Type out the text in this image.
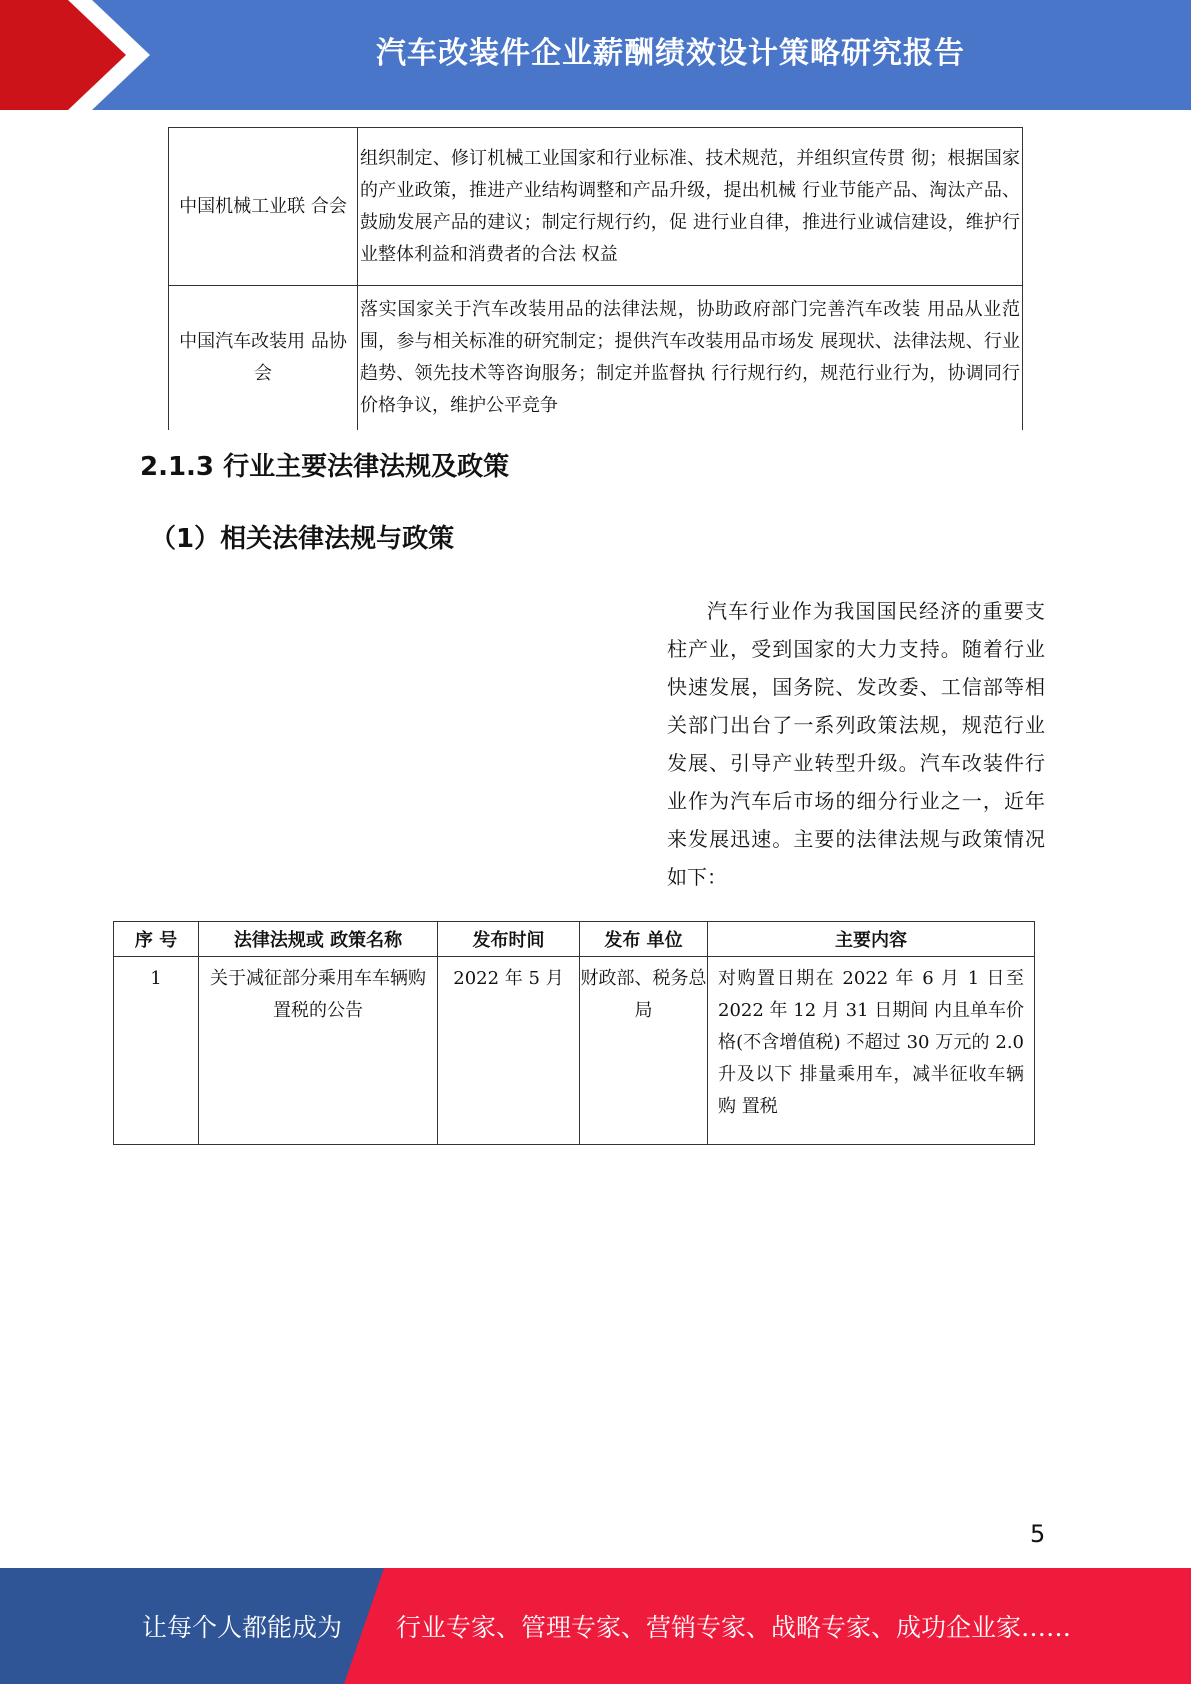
汽车改装件企业薪酬绩效设计策略研究报告
中国机械工业联 合会	组织制定、修订机械工业国家和行业标准、技术规范，并组织宣传贯 彻；根据国家的产业政策，推进产业结构调整和产品升级，提出机械 行业节能产品、淘汰产品、鼓励发展产品的建议；制定行规行约，促 进行业自律，推进行业诚信建设，维护行业整体利益和消费者的合法 权益
中国汽车改装用 品协会	落实国家关于汽车改装用品的法律法规，协助政府部门完善汽车改装 用品从业范围，参与相关标准的研究制定；提供汽车改装用品市场发 展现状、法律法规、行业趋势、领先技术等咨询服务；制定并监督执 行行规行约，规范行业行为，协调同行价格争议，维护公平竞争
2.1.3 行业主要法律法规及政策
（1）相关法律法规与政策

汽车行业作为我国国民经济的重要支柱产业，受到国家的大力支持。随着行业快速发展，国务院、发改委、工信部等相关部门出台了一系列政策法规，规范行业发展、引导产业转型升级。汽车改装件行业作为汽车后市场的细分行业之一，近年来发展迅速。主要的法律法规与政策情况如下：

序 号	法律法规或 政策名称	发布时间	发布 单位	主要内容
1	关于减征部分乘用车车辆购置税的公告	2022 年 5 月	财政部、税务总局	对购置日期在 2022 年 6 月 1 日至 2022 年 12 月 31 日期间 内且单车价格(不含增值税) 不超过 30 万元的 2.0 升及以下 排量乘用车，减半征收车辆购 置税
5
让每个人都能成为 行业专家、管理专家、营销专家、战略专家、成功企业家……
